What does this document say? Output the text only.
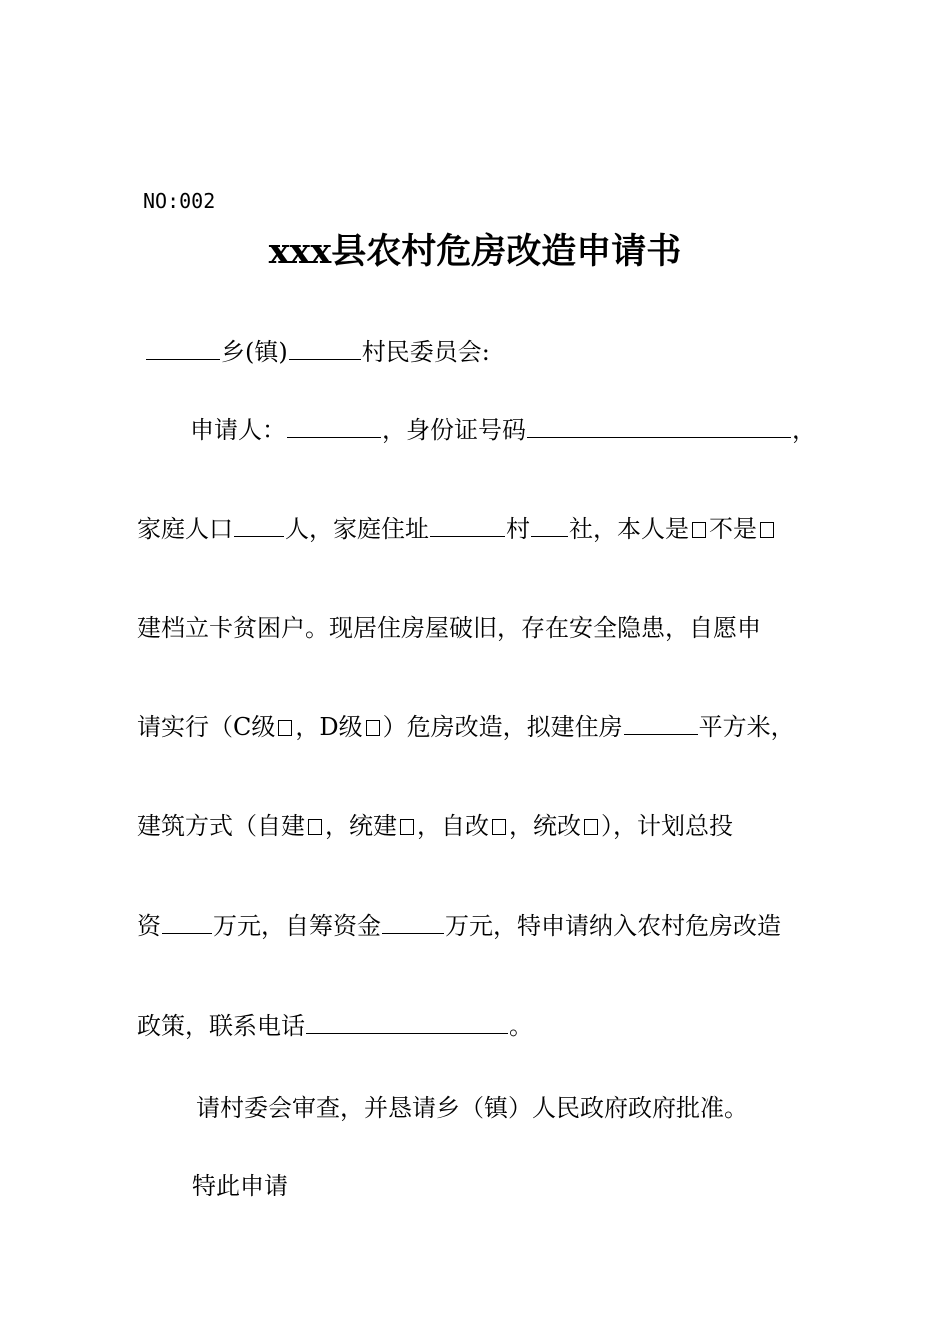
NO:002
xxx县农村危房改造申请书
乡(镇)	村民委员会:
申请人：	，身份证号码	，
家庭人口 人，家庭住址	村 社，本人是 不是
建档立卡贫困户。现居住房屋破旧，存在安全隐患，自愿申
请实行（C级 ，D级 ）危房改造，拟建住房	平方米，
建筑方式（自建 ，统建 ，自改 ，统改 ），计划总投
资 万元，自筹资金	万元，特申请纳入农村危房改造
政策，联系电话	。
请村委会审查，并恳请乡（镇）人民政府政府批准。
特此申请
